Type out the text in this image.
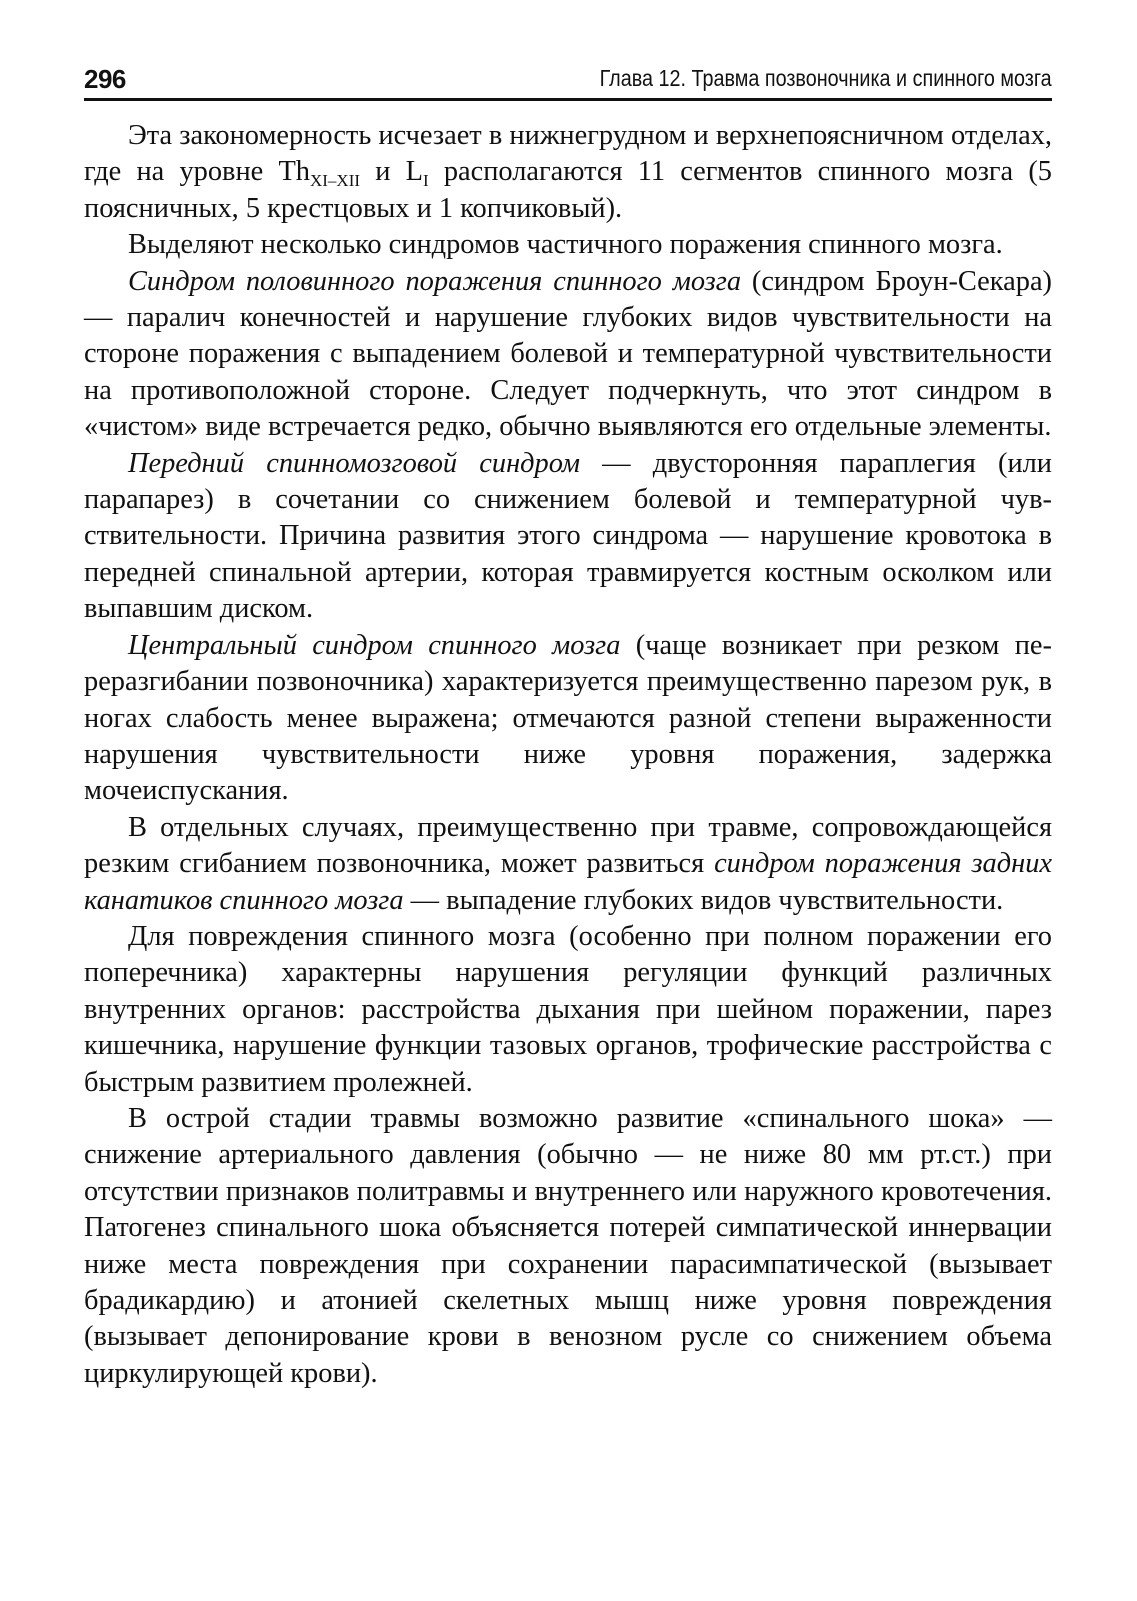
296	Глава 12. Травма позвоночника и спинного мозга

Эта закономерность исчезает в нижнегрудном и верхнепоясничном отделах, где на уровне $Th_{XI-XII}$ и $L_I$ располагаются 11 сегментов спинного мозга (5 поясничных, 5 крестцовых и 1 копчиковый).

Выделяют несколько синдромов частичного поражения спинного мозга.

Синдром половинного поражения спинного мозга (синдром Броун-Секара) — паралич конечностей и нарушение глубоких видов чувствительности на стороне поражения с выпадением болевой и температурной чувствительности на противоположной стороне. Следует подчеркнуть, что этот синдром в «чистом» виде встречается редко, обычно выявляются его отдельные элементы.

Передний спинномозговой синдром — двусторонняя параплегия (или парапарез) в сочетании со снижением болевой и температурной чувствительности. Причина развития этого синдрома — нарушение кровотока в передней спинальной артерии, которая травмируется костным осколком или выпавшим диском.

Центральный синдром спинного мозга (чаще возникает при резком переразгибании позвоночника) характеризуется преимущественно парезом рук, в ногах слабость менее выражена; отмечаются разной степени выраженности нарушения чувствительности ниже уровня поражения, задержка мочеиспускания.

В отдельных случаях, преимущественно при травме, сопровождающейся резким сгибанием позвоночника, может развиться синдром поражения задних канатиков спинного мозга — выпадение глубоких видов чувствительности.

Для повреждения спинного мозга (особенно при полном поражении его поперечника) характерны нарушения регуляции функций различных внутренних органов: расстройства дыхания при шейном поражении, парез кишечника, нарушение функции тазовых органов, трофические расстройства с быстрым развитием пролежней.

В острой стадии травмы возможно развитие «спинального шока» — снижение артериального давления (обычно — не ниже 80 мм рт.ст.) при отсутствии признаков политравмы и внутреннего или наружного кровотечения. Патогенез спинального шока объясняется потерей симпатической иннервации ниже места повреждения при сохранении парасимпатической (вызывает брадикардию) и атонией скелетных мышц ниже уровня повреждения (вызывает депонирование крови в венозном русле со снижением объема циркулирующей крови).
